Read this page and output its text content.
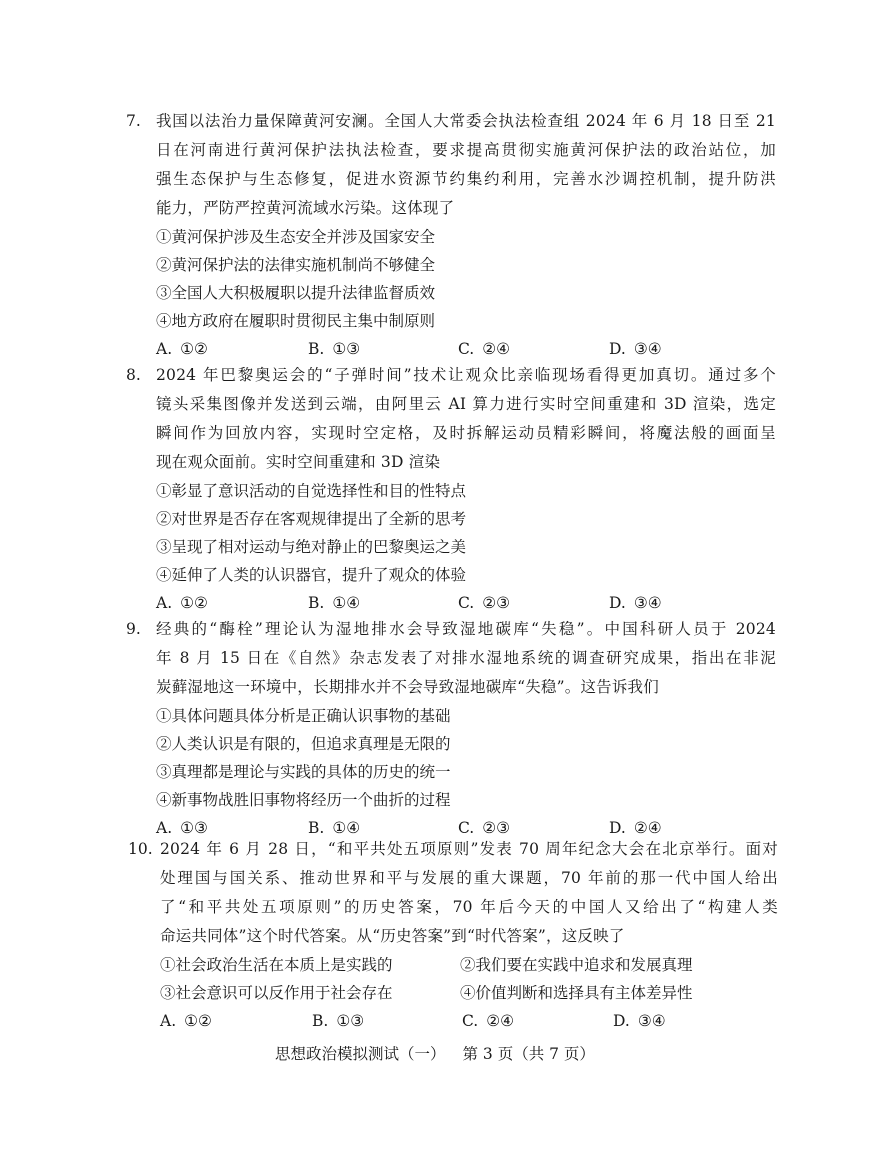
7. 我国以法治力量保障黄河安澜。全国人大常委会执法检查组 2024 年 6 月 18 日至 21
日在河南进行黄河保护法执法检查，要求提高贯彻实施黄河保护法的政治站位，加
强生态保护与生态修复，促进水资源节约集约利用，完善水沙调控机制，提升防洪
能力，严防严控黄河流域水污染。这体现了
①黄河保护涉及生态安全并涉及国家安全
②黄河保护法的法律实施机制尚不够健全
③全国人大积极履职以提升法律监督质效
④地方政府在履职时贯彻民主集中制原则
A. ①②	B. ①③	C. ②④	D. ③④
8. 2024 年巴黎奥运会的“子弹时间”技术让观众比亲临现场看得更加真切。通过多个
镜头采集图像并发送到云端，由阿里云 AI 算力进行实时空间重建和 3D 渲染，选定
瞬间作为回放内容，实现时空定格，及时拆解运动员精彩瞬间，将魔法般的画面呈
现在观众面前。实时空间重建和 3D 渲染
①彰显了意识活动的自觉选择性和目的性特点
②对世界是否存在客观规律提出了全新的思考
③呈现了相对运动与绝对静止的巴黎奥运之美
④延伸了人类的认识器官，提升了观众的体验
A. ①②	B. ①④	C. ②③	D. ③④
9. 经典的“酶栓”理论认为湿地排水会导致湿地碳库“失稳”。中国科研人员于 2024
年 8 月 15 日在《自然》杂志发表了对排水湿地系统的调查研究成果，指出在非泥
炭藓湿地这一环境中，长期排水并不会导致湿地碳库“失稳”。这告诉我们
①具体问题具体分析是正确认识事物的基础
②人类认识是有限的，但追求真理是无限的
③真理都是理论与实践的具体的历史的统一
④新事物战胜旧事物将经历一个曲折的过程
A. ①③	B. ①④	C. ②③	D. ②④
10. 2024 年 6 月 28 日，“和平共处五项原则”发表 70 周年纪念大会在北京举行。面对
处理国与国关系、推动世界和平与发展的重大课题，70 年前的那一代中国人给出
了“和平共处五项原则”的历史答案，70 年后今天的中国人又给出了“构建人类
命运共同体”这个时代答案。从“历史答案”到“时代答案”，这反映了
①社会政治生活在本质上是实践的	②我们要在实践中追求和发展真理
③社会意识可以反作用于社会存在	④价值判断和选择具有主体差异性
A. ①②	B. ①③	C. ②④	D. ③④
思想政治模拟测试（一） 第 3 页（共 7 页）
